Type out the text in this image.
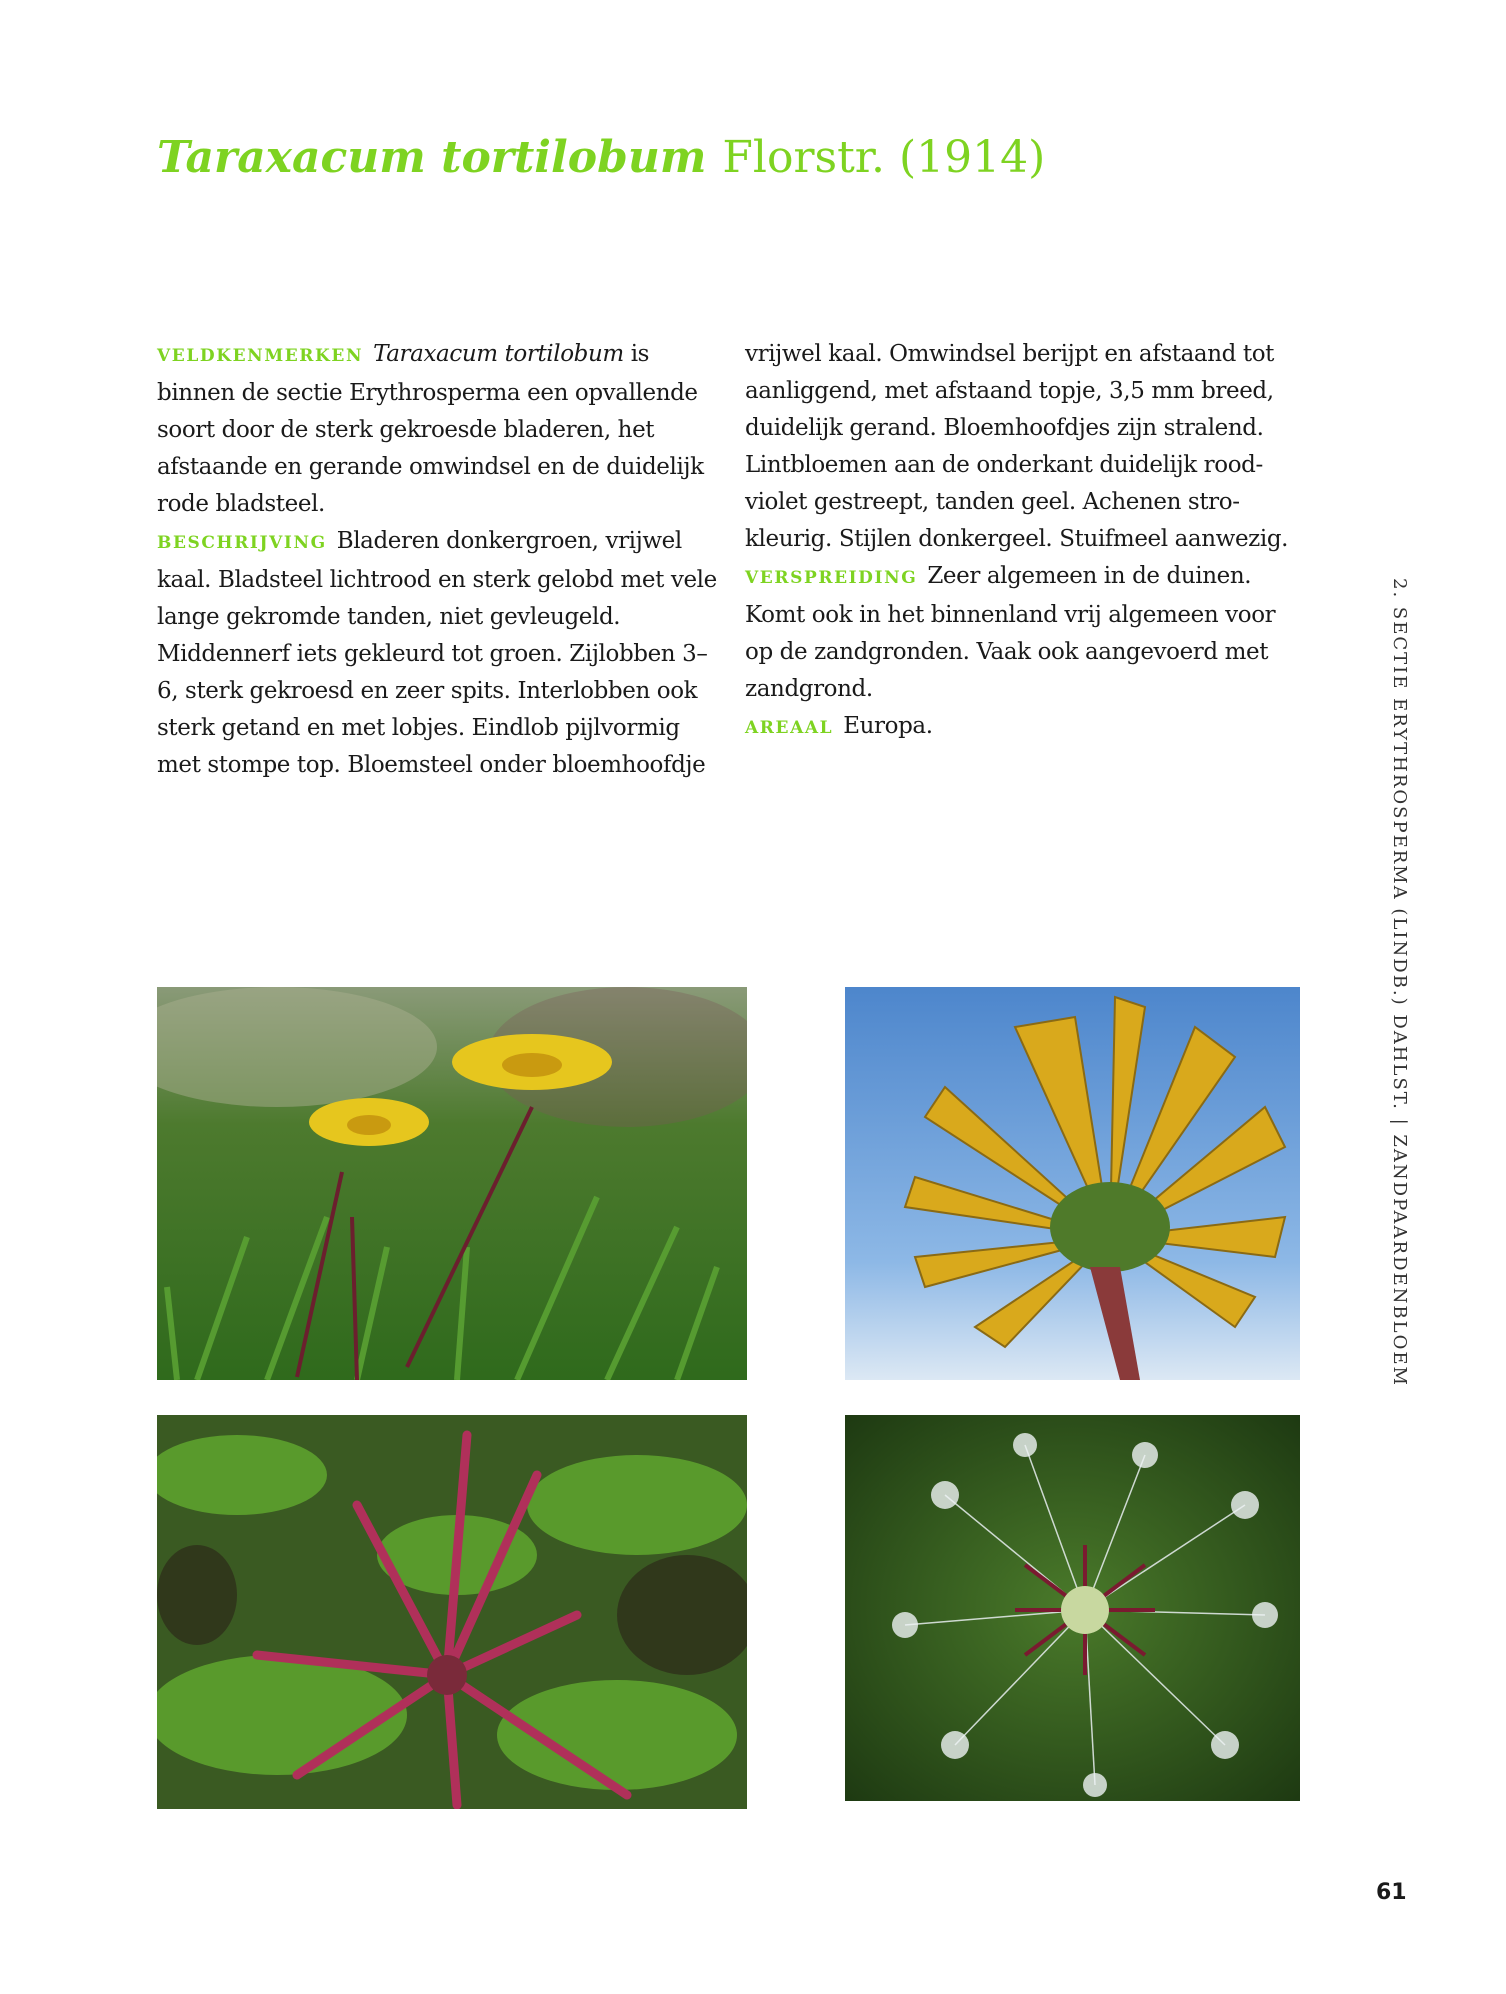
Taraxacum tortilobum Florstr. (1914)

VELDKENMERKEN Taraxacum tortilobum is binnen de sectie Erythrosperma een opvallende soort door de sterk gekroesde bladeren, het afstaande en gerande omwindsel en de duidelijk rode bladsteel.

BESCHRIJVING Bladeren donkergroen, vrijwel kaal. Bladsteel lichtrood en sterk gelobd met vele lange gekromde tanden, niet gevleugeld. Middennerf iets gekleurd tot groen. Zijlobben 3–6, sterk gekroesd en zeer spits. Interlobben ook sterk getand en met lobjes. Eindlob pijlvormig met stompe top. Bloemsteel onder bloemhoofdje

vrijwel kaal. Omwindsel berijpt en afstaand tot aanliggend, met afstaand topje, 3,5 mm breed, duidelijk gerand. Bloemhoofdjes zijn stralend. Lintbloemen aan de onderkant duidelijk rood-violet gestreept, tanden geel. Achenen stro-kleurig. Stijlen donkergeel. Stuifmeel aanwezig.

VERSPREIDING Zeer algemeen in de duinen. Komt ook in het binnenland vrij algemeen voor op de zandgronden. Vaak ook aangevoerd met zandgrond.

AREAAL Europa.	2. SECTIE ERYTHROSPERMA (LINDB.) DAHLST. | ZANDPAARDENBLOEM
61
